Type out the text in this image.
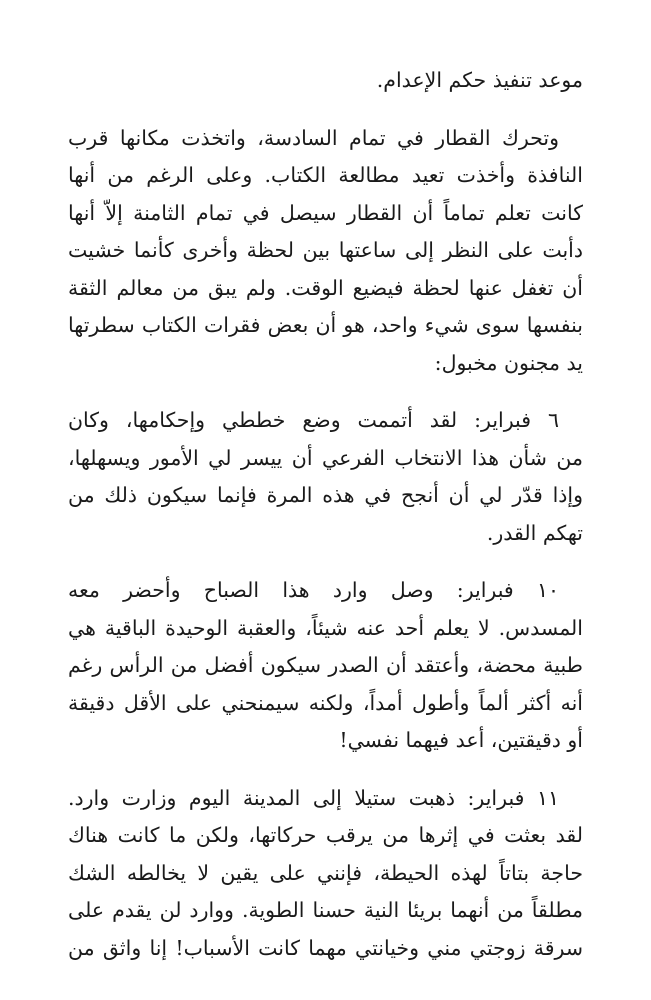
موعد تنفيذ حكم الإعدام.

وتحرك القطار في تمام السادسة، واتخذت مكانها قرب
النافذة وأخذت تعيد مطالعة الكتاب. وعلى الرغم من أنها
كانت تعلم تماماً أن القطار سيصل في تمام الثامنة إلاّ أنها
دأبت على النظر إلى ساعتها بين لحظة وأخرى كأنما خشيت
أن تغفل عنها لحظة فيضيع الوقت. ولم يبق من معالم الثقة
بنفسها سوى شيء واحد، هو أن بعض فقرات الكتاب سطرتها
يد مجنون مخبول:

٦ فبراير: لقد أتممت وضع خططي وإحكامها، وكان
من شأن هذا الانتخاب الفرعي أن ييسر لي الأمور ويسهلها،
وإذا قدّر لي أن أنجح في هذه المرة فإنما سيكون ذلك من
تهكم القدر.

١٠ فبراير: وصل وارد هذا الصباح وأحضر معه
المسدس. لا يعلم أحد عنه شيئاً، والعقبة الوحيدة الباقية هي
طبية محضة، وأعتقد أن الصدر سيكون أفضل من الرأس رغم
أنه أكثر ألماً وأطول أمداً، ولكنه سيمنحني على الأقل دقيقة
أو دقيقتين، أعد فيهما نفسي!

١١ فبراير: ذهبت ستيلا إلى المدينة اليوم وزارت وارد.
لقد بعثت في إثرها من يرقب حركاتها، ولكن ما كانت هناك
حاجة بتاتاً لهذه الحيطة، فإنني على يقين لا يخالطه الشك
مطلقاً من أنهما بريئا النية حسنا الطوية. ووارد لن يقدم على
سرقة زوجتي مني وخيانتي مهما كانت الأسباب! إنا واثق من
